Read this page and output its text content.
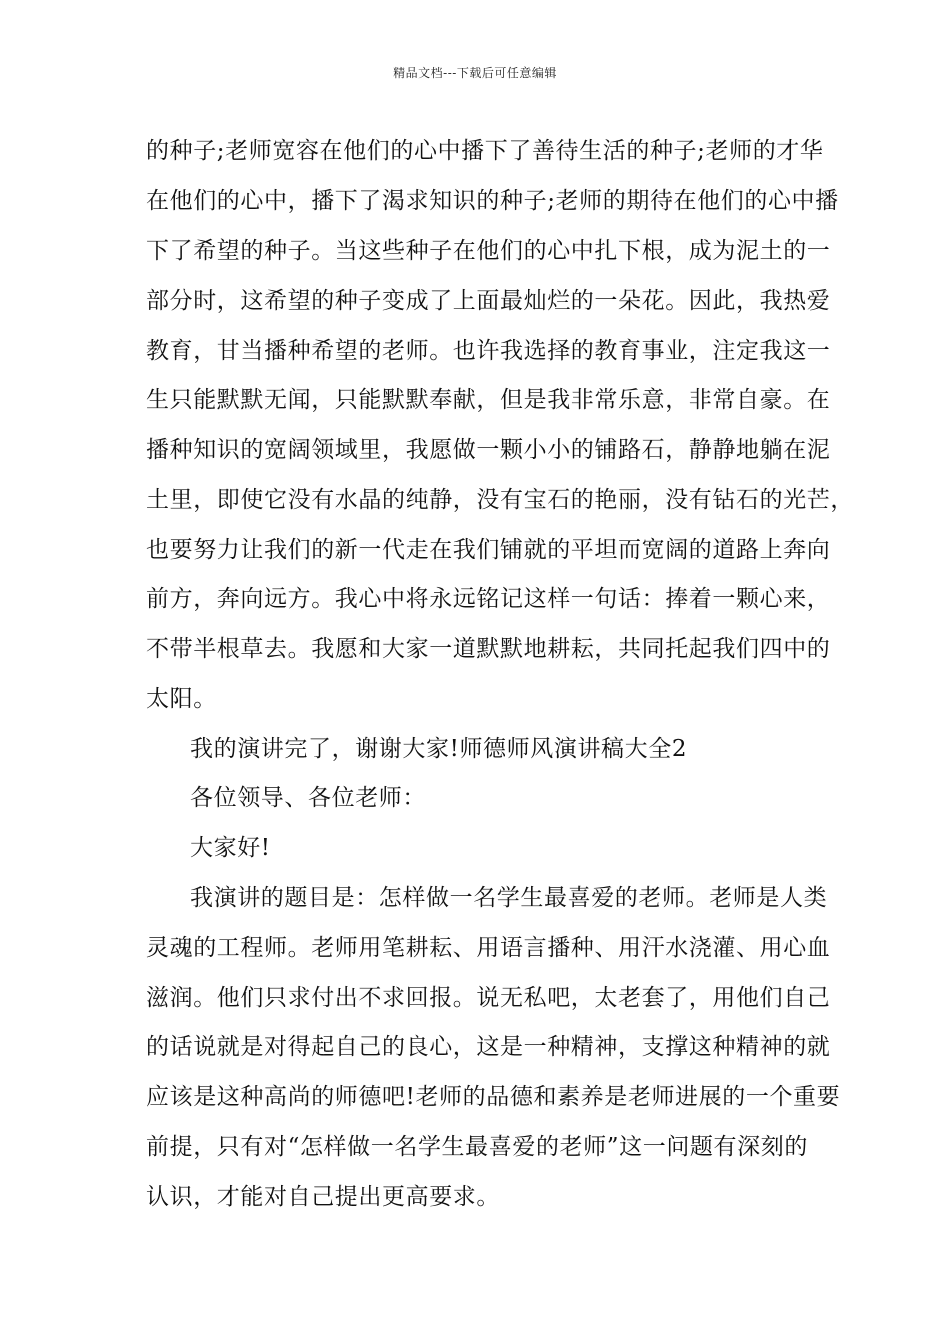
精品文档---下载后可任意编辑
的种子;老师宽容在他们的心中播下了善待生活的种子;老师的才华
在他们的心中，播下了渴求知识的种子;老师的期待在他们的心中播
下了希望的种子。当这些种子在他们的心中扎下根，成为泥土的一
部分时，这希望的种子变成了上面最灿烂的一朵花。因此，我热爱
教育，甘当播种希望的老师。也许我选择的教育事业，注定我这一
生只能默默无闻，只能默默奉献，但是我非常乐意，非常自豪。在
播种知识的宽阔领域里，我愿做一颗小小的铺路石，静静地躺在泥
土里，即使它没有水晶的纯静，没有宝石的艳丽，没有钻石的光芒，
也要努力让我们的新一代走在我们铺就的平坦而宽阔的道路上奔向
前方，奔向远方。我心中将永远铭记这样一句话：捧着一颗心来，
不带半根草去。我愿和大家一道默默地耕耘，共同托起我们四中的
太阳。
我的演讲完了，谢谢大家!师德师风演讲稿大全2
各位领导、各位老师：
大家好!
我演讲的题目是：怎样做一名学生最喜爱的老师。老师是人类
灵魂的工程师。老师用笔耕耘、用语言播种、用汗水浇灌、用心血
滋润。他们只求付出不求回报。说无私吧，太老套了，用他们自己
的话说就是对得起自己的良心，这是一种精神，支撑这种精神的就
应该是这种高尚的师德吧!老师的品德和素养是老师进展的一个重要
前提，只有对“怎样做一名学生最喜爱的老师”这一问题有深刻的
认识，才能对自己提出更高要求。
